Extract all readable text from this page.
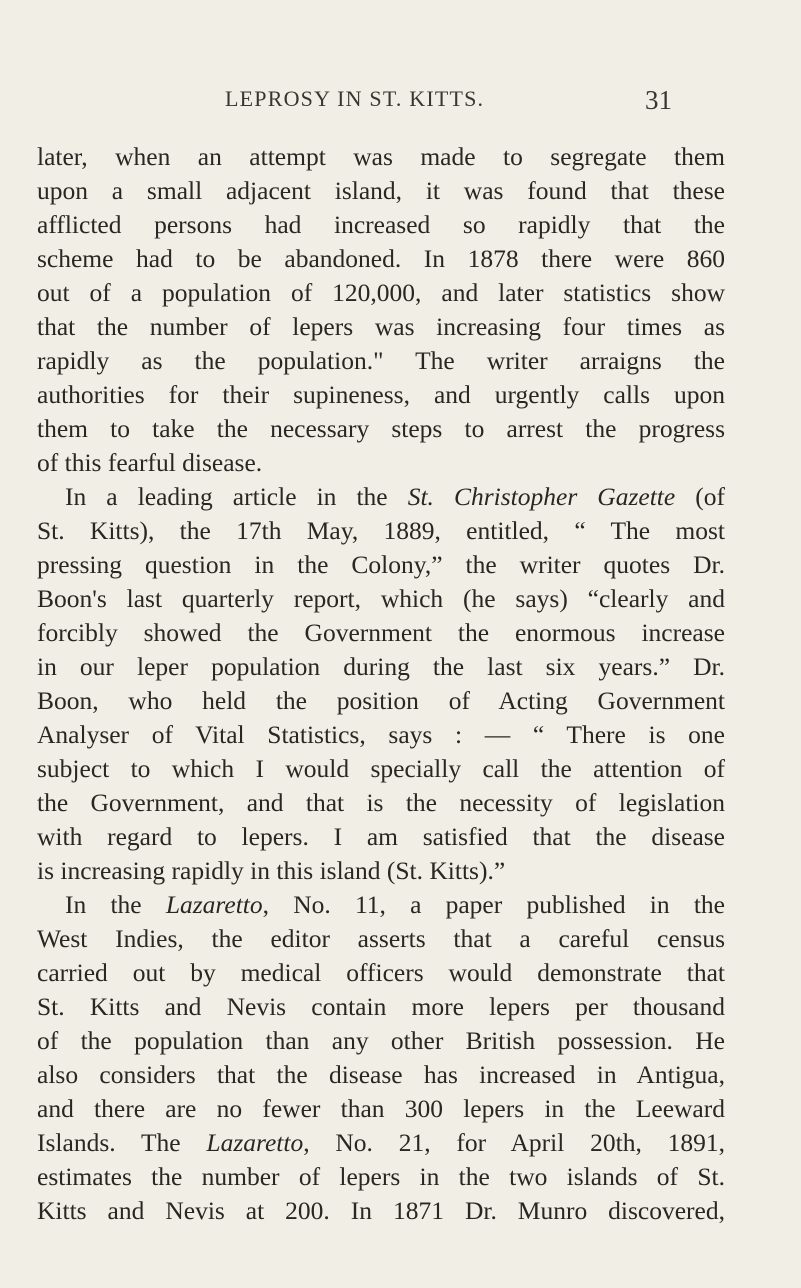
LEPROSY IN ST. KITTS.	31
later, when an attempt was made to segregate them
upon a small adjacent island, it was found that these
afflicted persons had increased so rapidly that the
scheme had to be abandoned. In 1878 there were 860
out of a population of 120,000, and later statistics show
that the number of lepers was increasing four times as
rapidly as the population." The writer arraigns the
authorities for their supineness, and urgently calls upon
them to take the necessary steps to arrest the progress
of this fearful disease.
In a leading article in the St. Christopher Gazette (of
St. Kitts), the 17th May, 1889, entitled, “ The most
pressing question in the Colony,” the writer quotes Dr.
Boon's last quarterly report, which (he says) “clearly and
forcibly showed the Government the enormous increase
in our leper population during the last six years.” Dr.
Boon, who held the position of Acting Government
Analyser of Vital Statistics, says : — “ There is one
subject to which I would specially call the attention of
the Government, and that is the necessity of legislation
with regard to lepers. I am satisfied that the disease
is increasing rapidly in this island (St. Kitts).”
In the Lazaretto, No. 11, a paper published in the
West Indies, the editor asserts that a careful census
carried out by medical officers would demonstrate that
St. Kitts and Nevis contain more lepers per thousand
of the population than any other British possession. He
also considers that the disease has increased in Antigua,
and there are no fewer than 300 lepers in the Leeward
Islands. The Lazaretto, No. 21, for April 20th, 1891,
estimates the number of lepers in the two islands of St.
Kitts and Nevis at 200. In 1871 Dr. Munro discovered,
